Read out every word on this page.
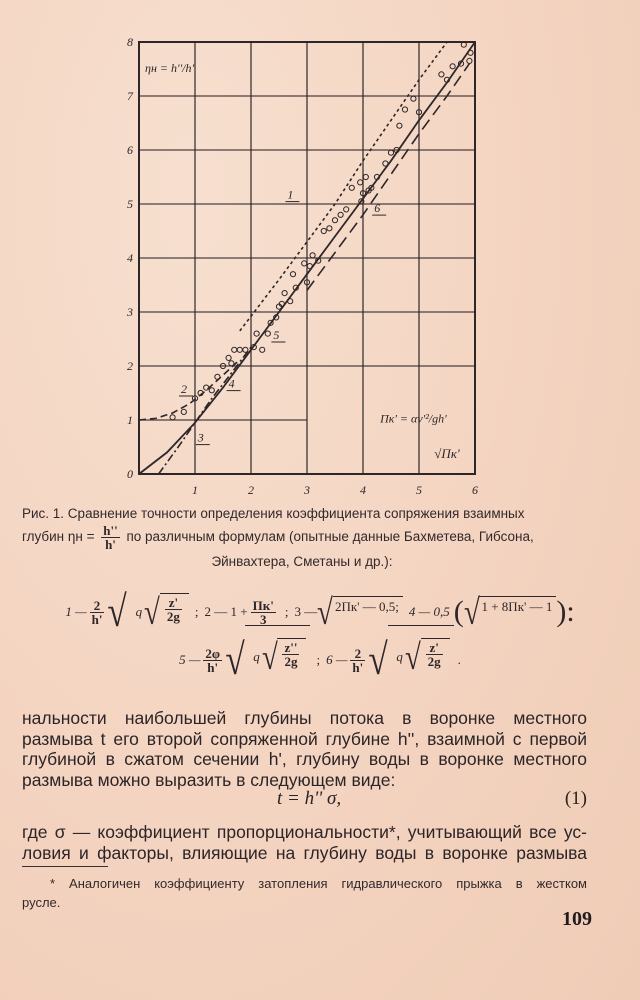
1	2	3	4	5	6
0
1
2
3
4
5
6
7
8
ηн = h''/h'
√Пк'
Пк' = αv'²/gh'
1
2
3
4
5
6
Рис. 1. Сравнение точности определения коэффициента сопряжения взаимных
глубин $\eta н = \frac{h''}{h'}$ по различным формулам (опытные данные Бахметева, Гибсона,
Эйнвахтера, Сметаны и др.):
1 — $\frac{2}{h'}$ √ q √ $\frac{z'}{2g}$ ; 2 — $1 + \frac{Пк'}{3}$ ; 3 — √ 2Пк' — 0,5; 4 — 0,5 ( √ 1 + 8Пк' — 1 ):
5 — $\frac{2\varphi}{h'}$ √ q √ $\frac{z''}{2g}$ ; 6 — $\frac{2}{h'}$ √ q √ $\frac{z'}{2g}$ .
нальности наибольшей глубины потока в воронке местного
размыва t его второй сопряженной глубине h'', взаимной с первой
глубиной в сжатом сечении h', глубину воды в воронке местного
размыва можно выразить в следующем виде:
t = h'' σ,	(1)
где σ — коэффициент пропорциональности*, учитывающий все ус-
ловия и факторы, влияющие на глубину воды в воронке размыва
* Аналогичен коэффициенту затопления гидравлического прыжка в жестком
русле.
109
